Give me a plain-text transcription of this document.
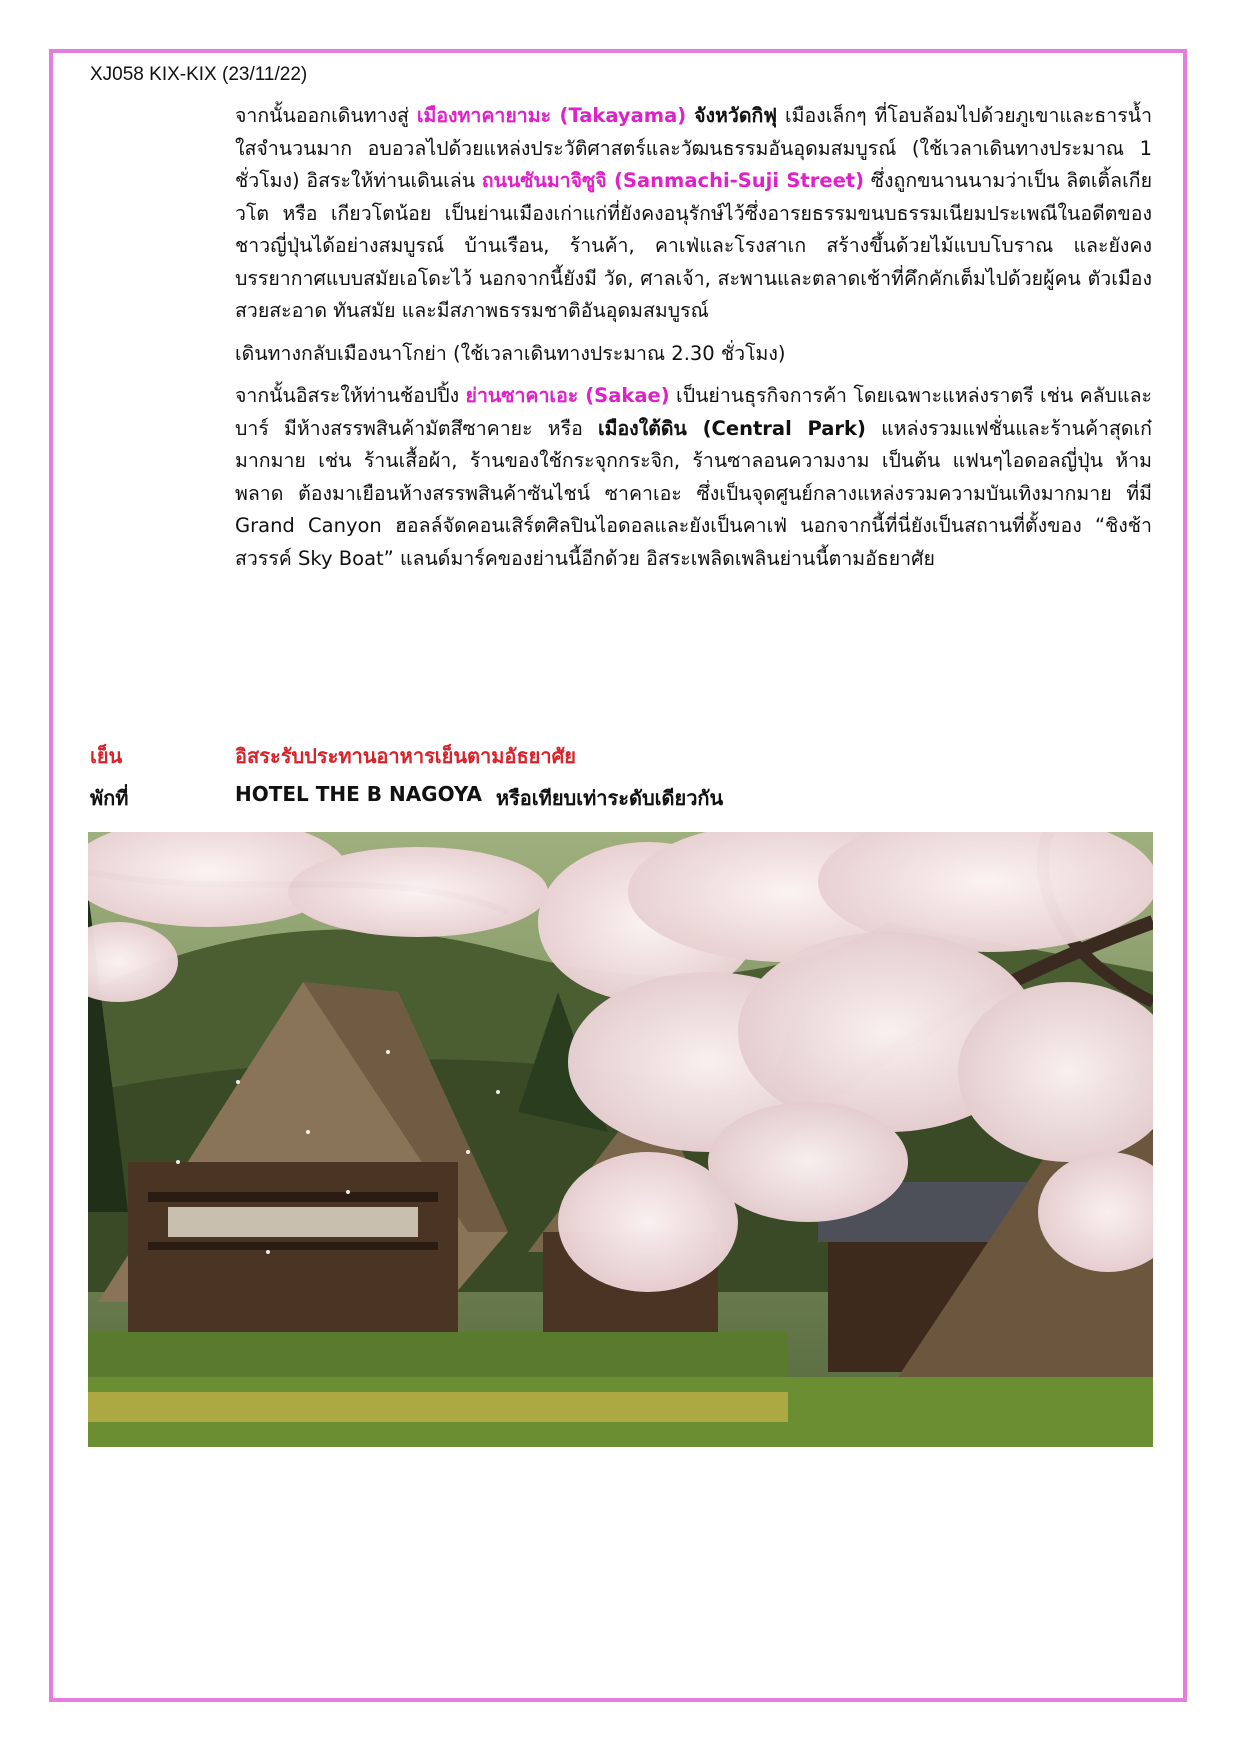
XJ058 KIX-KIX (23/11/22)

จากนั้นออกเดินทางสู่ เมืองทาคายามะ (Takayama) จังหวัดกิฟุ เมืองเล็กๆ ที่โอบล้อมไปด้วยภูเขาและธารน้ำใสจำนวนมาก อบอวลไปด้วยแหล่งประวัติศาสตร์และวัฒนธรรมอันอุดมสมบูรณ์ (ใช้เวลาเดินทางประมาณ 1 ชั่วโมง) อิสระให้ท่านเดินเล่น ถนนซันมาจิซูจิ (Sanmachi-Suji Street) ซึ่งถูกขนานนามว่าเป็น ลิตเติ้ลเกียวโต หรือ เกียวโตน้อย เป็นย่านเมืองเก่าแก่ที่ยังคงอนุรักษ์ไว้ซึ่งอารยธรรมขนบธรรมเนียมประเพณีในอดีตของชาวญี่ปุ่นได้อย่างสมบูรณ์ บ้านเรือน, ร้านค้า, คาเฟ่และโรงสาเก สร้างขึ้นด้วยไม้แบบโบราณ และยังคงบรรยากาศแบบสมัยเอโดะไว้ นอกจากนี้ยังมี วัด, ศาลเจ้า, สะพานและตลาดเช้าที่คึกคักเต็มไปด้วยผู้คน ตัวเมืองสวยสะอาด ทันสมัย และมีสภาพธรรมชาติอันอุดมสมบูรณ์

เดินทางกลับเมืองนาโกย่า (ใช้เวลาเดินทางประมาณ 2.30 ชั่วโมง)

จากนั้นอิสระให้ท่านช้อปปิ้ง ย่านซาคาเอะ (Sakae) เป็นย่านธุรกิจการค้า โดยเฉพาะแหล่งราตรี เช่น คลับและบาร์ มีห้างสรรพสินค้ามัตสึซาคายะ หรือ เมืองใต้ดิน (Central Park) แหล่งรวมแฟชั่นและร้านค้าสุดเก๋มากมาย เช่น ร้านเสื้อผ้า, ร้านของใช้กระจุกกระจิก, ร้านซาลอนความงาม เป็นต้น แฟนๆไอดอลญี่ปุ่น ห้ามพลาด ต้องมาเยือนห้างสรรพสินค้าซันไชน์ ซาคาเอะ ซึ่งเป็นจุดศูนย์กลางแหล่งรวมความบันเทิงมากมาย ที่มี Grand Canyon ฮอลล์จัดคอนเสิร์ตศิลปินไอดอลและยังเป็นคาเฟ่ นอกจากนี้ที่นี่ยังเป็นสถานที่ตั้งของ “ชิงช้าสวรรค์ Sky Boat” แลนด์มาร์คของย่านนี้อีกด้วย อิสระเพลิดเพลินย่านนี้ตามอัธยาศัย

เย็น	อิสระรับประทานอาหารเย็นตามอัธยาศัย
พักที่	HOTEL THE B NAGOYA หรือเทียบเท่าระดับเดียวกัน
